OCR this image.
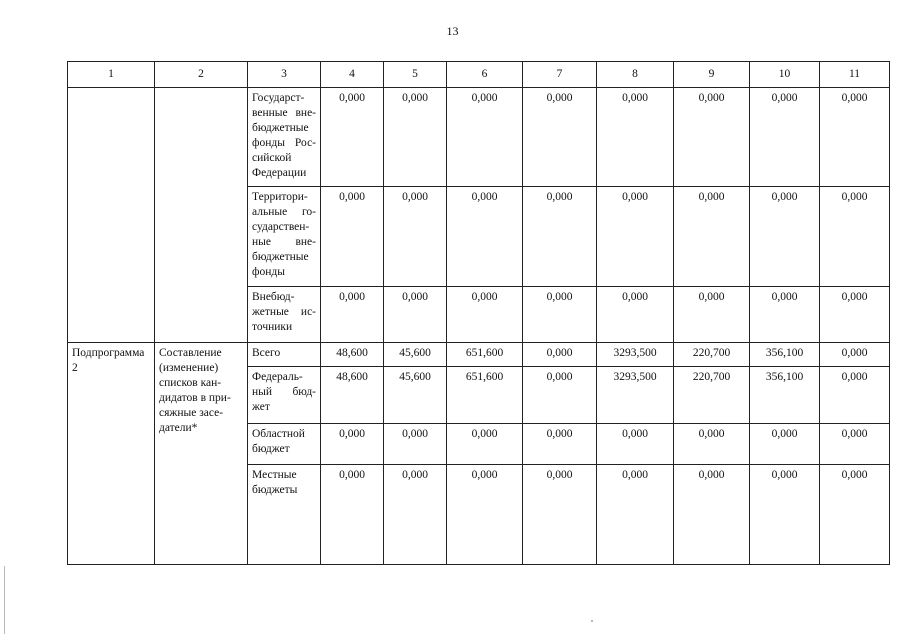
13
1	2	3	4	5	6	7	8	9	10	11
		Государст-венные вне-бюджетные фонды Рос-сийской Федерации	0,000	0,000	0,000	0,000	0,000	0,000	0,000	0,000
		Территори-альные го-сударствен-ные вне-бюджетные фонды	0,000	0,000	0,000	0,000	0,000	0,000	0,000	0,000
		Внебюд-жетные ис-точники	0,000	0,000	0,000	0,000	0,000	0,000	0,000	0,000
Подпрограмма 2	Составление (изменение) списков кан-дидатов в при-сяжные засе-датели*	Всего	48,600	45,600	651,600	0,000	3293,500	220,700	356,100	0,000
		Федераль-ный бюд-жет	48,600	45,600	651,600	0,000	3293,500	220,700	356,100	0,000
		Областной бюджет	0,000	0,000	0,000	0,000	0,000	0,000	0,000	0,000
		Местные бюджеты	0,000	0,000	0,000	0,000	0,000	0,000	0,000	0,000
